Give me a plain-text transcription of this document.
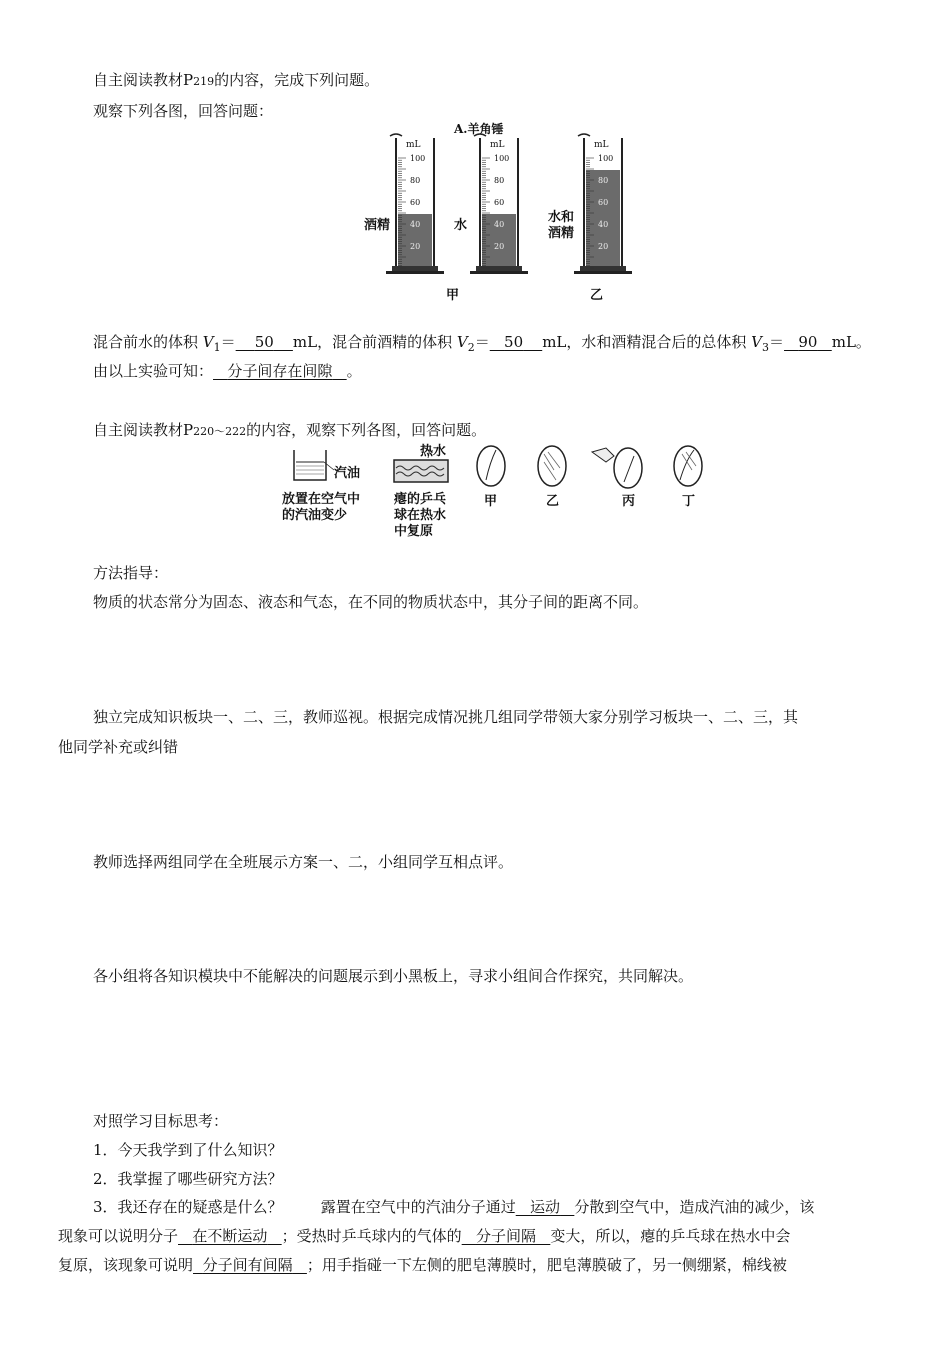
自主阅读教材P219的内容，完成下列问题。
观察下列各图，回答问题：
mL	mL	mL
100
80
60
40
20
100
80
60
40
20
100
80
60
40
20
A.羊角锤
酒精	水
水和
酒精
甲	乙
混合前水的体积 $V_1= 50$ mL，混合前酒精的体积 $V_2= 50$ mL，水和酒精混合后的总体积 $V_3= 90$ mL。
由以上实验可知： 分子间存在间隙 。
自主阅读教材P220～222的内容，观察下列各图，回答问题。
汽油
放置在空气中
的汽油变少
热水
瘪的乒乓
球在热水
中复原
甲	乙	丙	丁
方法指导：
物质的状态常分为固态、液态和气态，在不同的物质状态中，其分子间的距离不同。
独立完成知识板块一、二、三，教师巡视。根据完成情况挑几组同学带领大家分别学习板块一、二、三，其
他同学补充或纠错
教师选择两组同学在全班展示方案一、二，小组同学互相点评。
各小组将各知识模块中不能解决的问题展示到小黑板上，寻求小组间合作探究，共同解决。
对照学习目标思考：
1．今天我学到了什么知识？
2．我掌握了哪些研究方法？
3．我还存在的疑惑是什么？	露置在空气中的汽油分子通过 运动 分散到空气中，造成汽油的减少，该
现象可以说明分子 在不断运动 ；受热时乒乓球内的气体的 分子间隔 变大，所以，瘪的乒乓球在热水中会
复原，该现象可说明 分子间有间隔 ；用手指碰一下左侧的肥皂薄膜时，肥皂薄膜破了，另一侧绷紧，棉线被
